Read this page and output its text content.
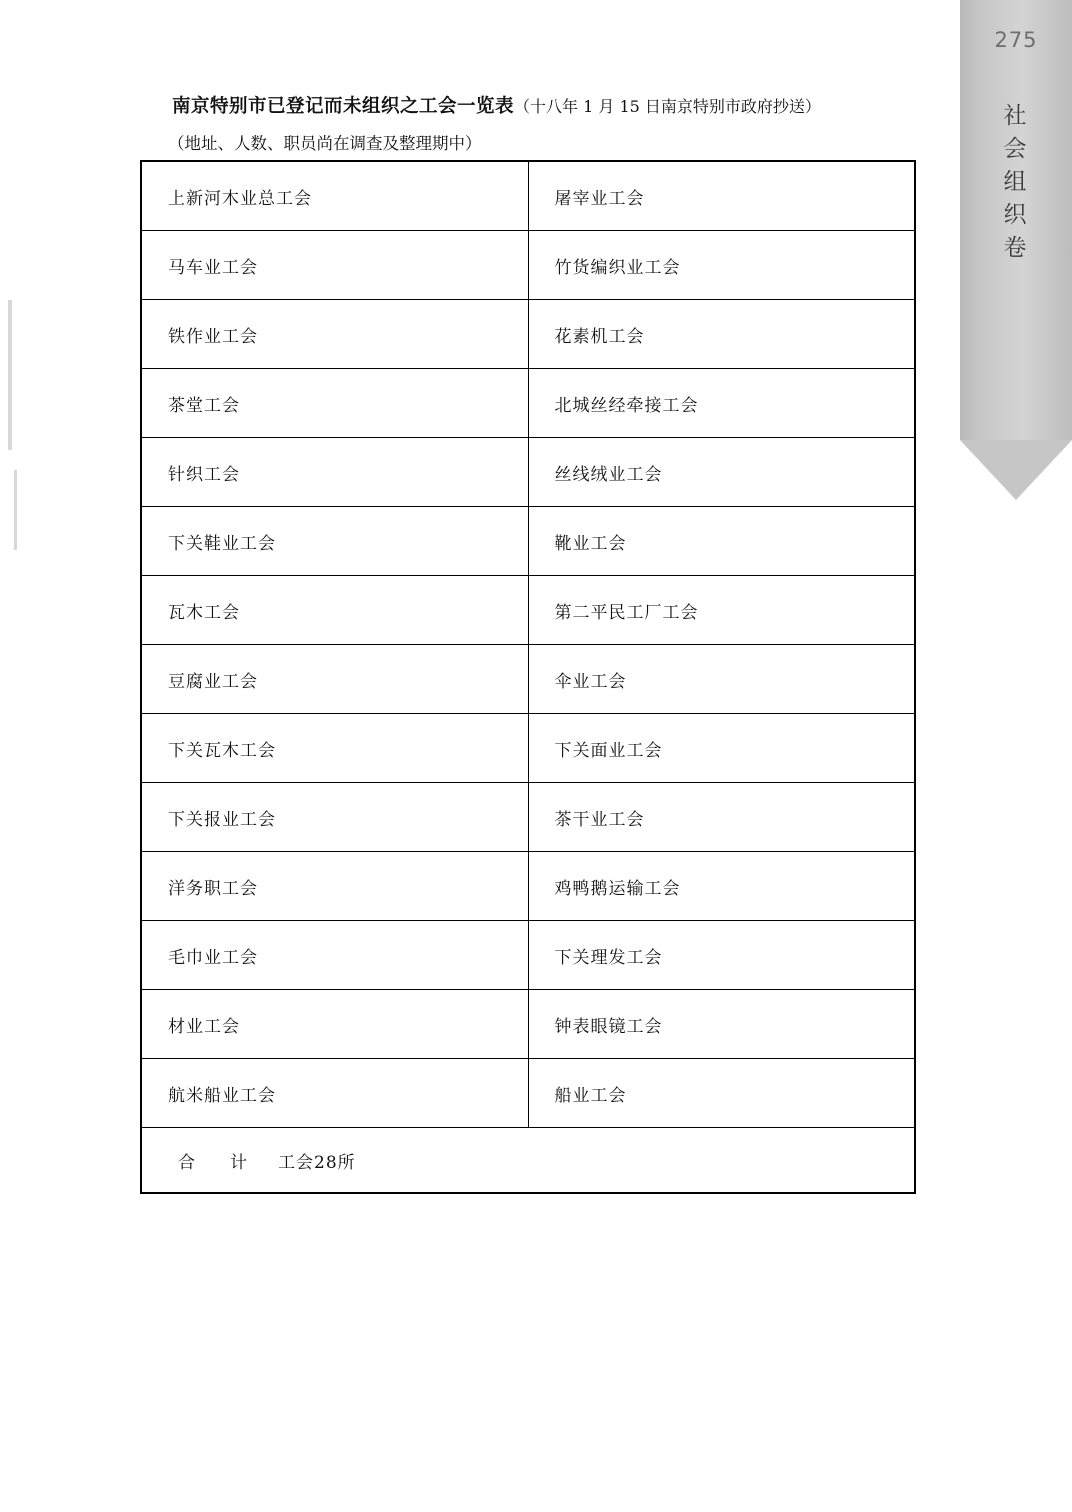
南京特别市已登记而未组织之工会一览表（十八年 1 月 15 日南京特别市政府抄送）
（地址、人数、职员尚在调查及整理期中）
上新河木业总工会	屠宰业工会
马车业工会	竹货编织业工会
铁作业工会	花素机工会
茶堂工会	北城丝经牵接工会
针织工会	丝线绒业工会
下关鞋业工会	靴业工会
瓦木工会	第二平民工厂工会
豆腐业工会	伞业工会
下关瓦木工会	下关面业工会
下关报业工会	茶干业工会
洋务职工会	鸡鸭鹅运输工会
毛巾业工会	下关理发工会
材业工会	钟表眼镜工会
航米船业工会	船业工会
合 计 工会28所	
275
社
会
组
织
卷
